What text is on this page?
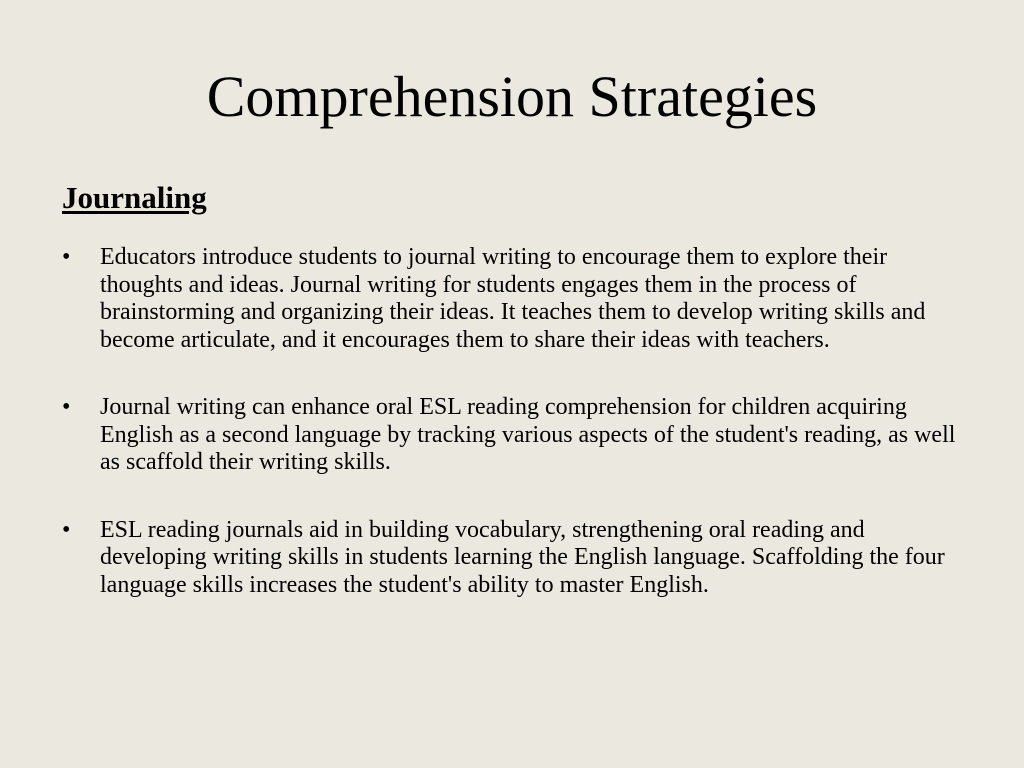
Comprehension Strategies
Journaling
• Educators introduce students to journal writing to encourage them to explore their thoughts and ideas. Journal writing for students engages them in the process of brainstorming and organizing their ideas. It teaches them to develop writing skills and become articulate, and it encourages them to share their ideas with teachers.
• Journal writing can enhance oral ESL reading comprehension for children acquiring English as a second language by tracking various aspects of the student's reading, as well as scaffold their writing skills.
• ESL reading journals aid in building vocabulary, strengthening oral reading and developing writing skills in students learning the English language. Scaffolding the four language skills increases the student's ability to master English.
